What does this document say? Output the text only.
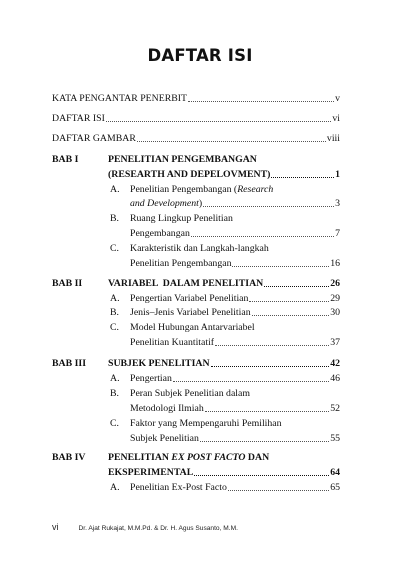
DAFTAR ISI
KATA PENGANTAR PENERBIT	v
DAFTAR ISI	vi
DAFTAR GAMBAR	viii
BAB I	PENELITIAN PENGEMBANGAN
(RESEARTH AND DEPELOVMENT)	1
A. Penelitian Pengembangan ( Research
and Development )	3
B. Ruang Lingkup Penelitian
Pengembangan	7
C. Karakteristik dan Langkah-langkah
Penelitian Pengembangan	16
BAB II	VARIABEL  DALAM PENELITIAN	26
A. Pengertian Variabel Penelitian	29
B. Jenis–Jenis Variabel Penelitian	30
C. Model Hubungan Antarvariabel
Penelitian Kuantitatif	37
BAB III SUBJEK PENELITIAN	42
A. Pengertian	46
B. Peran Subjek Penelitian dalam
Metodologi Ilmiah	52
C. Faktor yang Mempengaruhi Pemilihan
Subjek Penelitian	55
BAB IV PENELITIAN EX POST FACTO DAN
EKSPERIMENTAL	64
A. Penelitian Ex-Post Facto	65
vi	Dr. Ajat Rukajat, M.M.Pd. & Dr. H. Agus Susanto, M.M.
